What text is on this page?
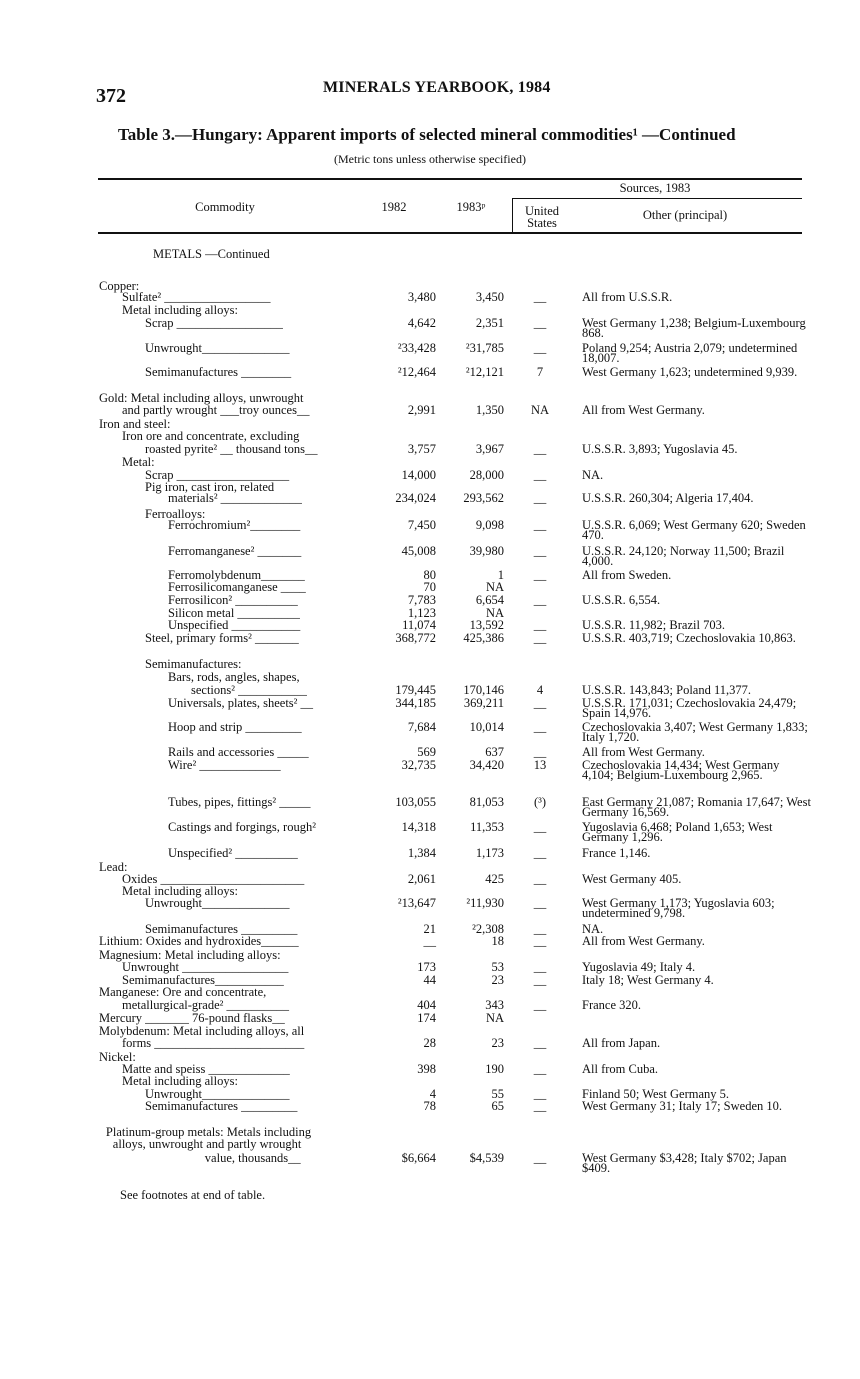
372	MINERALS YEARBOOK, 1984
Table 3.—Hungary: Apparent imports of selected mineral commodities¹ —Continued
(Metric tons unless otherwise specified)
Commodity	1982	1983ᵖ
Sources, 1983
United
States
Other (principal)
METALS —Continued
Copper:
Sulfate² _________________	3,480	3,450	__	All from U.S.S.R.
Metal including alloys:
Scrap _________________	4,642	2,351	__	West Germany 1,238; Belgium-Luxembourg 868.
Unwrought______________	²33,428	²31,785	__	Poland 9,254; Austria 2,079; undetermined 18,007.
Semimanufactures ________	²12,464	²12,121	7	West Germany 1,623; undetermined 9,939.
Gold: Metal including alloys, unwrought
and partly wrought ___troy ounces__	2,991	1,350	NA	All from West Germany.
Iron and steel:
Iron ore and concentrate, excluding
roasted pyrite² __ thousand tons__	3,757	3,967	__	U.S.S.R. 3,893; Yugoslavia 45.
Metal:
Scrap __________________	14,000	28,000	__	NA.
Pig iron, cast iron, related
materials² _____________	234,024	293,562	__	U.S.S.R. 260,304; Algeria 17,404.
Ferroalloys:
Ferrochromium²________	7,450	9,098	__	U.S.S.R. 6,069; West Germany 620; Sweden 470.
Ferromanganese² _______	45,008	39,980	__	U.S.S.R. 24,120; Norway 11,500; Brazil 4,000.
Ferromolybdenum_______	80	1	__	All from Sweden.
Ferrosilicomanganese ____	70	NA
Ferrosilicon² __________	7,783	6,654	__	U.S.S.R. 6,554.
Silicon metal __________	1,123	NA
Unspecified ___________	11,074	13,592	__	U.S.S.R. 11,982; Brazil 703.
Steel, primary forms² _______	368,772	425,386	__	U.S.S.R. 403,719; Czechoslovakia 10,863.
Semimanufactures:
Bars, rods, angles, shapes,
sections² ___________	179,445	170,146	4	U.S.S.R. 143,843; Poland 11,377.
Universals, plates, sheets² __	344,185	369,211	__	U.S.S.R. 171,031; Czechoslovakia 24,479; Spain 14,976.
Hoop and strip _________	7,684	10,014	__	Czechoslovakia 3,407; West Germany 1,833; Italy 1,720.
Rails and accessories _____	569	637	__	All from West Germany.
Wire² _____________	32,735	34,420	13	Czechoslovakia 14,434; West Germany 4,104; Belgium-Luxembourg 2,965.
Tubes, pipes, fittings² _____	103,055	81,053	(³)	East Germany 21,087; Romania 17,647; West Germany 16,569.
Castings and forgings, rough²	14,318	11,353	__	Yugoslavia 6,468; Poland 1,653; West Germany 1,296.
Unspecified² __________	1,384	1,173	__	France 1,146.
Lead:
Oxides _______________________	2,061	425	__	West Germany 405.
Metal including alloys:
Unwrought______________	²13,647	²11,930	__	West Germany 1,173; Yugoslavia 603; undetermined 9,798.
Semimanufactures _________	21	²2,308	__	NA.
Lithium: Oxides and hydroxides______	__	18	__	All from West Germany.
Magnesium: Metal including alloys:
Unwrought _________________	173	53	__	Yugoslavia 49; Italy 4.
Semimanufactures___________	44	23	__	Italy 18; West Germany 4.
Manganese: Ore and concentrate,
metallurgical-grade² __________	404	343	__	France 320.
Mercury _______ 76-pound flasks__	174	NA
Molybdenum: Metal including alloys, all
forms ________________________	28	23	__	All from Japan.
Nickel:
Matte and speiss _____________	398	190	__	All from Cuba.
Metal including alloys:
Unwrought______________	4	55	__	Finland 50; West Germany 5.
Semimanufactures _________	78	65	__	West Germany 31; Italy 17; Sweden 10.
Platinum-group metals: Metals including
alloys, unwrought and partly wrought
value, thousands__	$6,664	$4,539	__	West Germany $3,428; Italy $702; Japan $409.
See footnotes at end of table.
